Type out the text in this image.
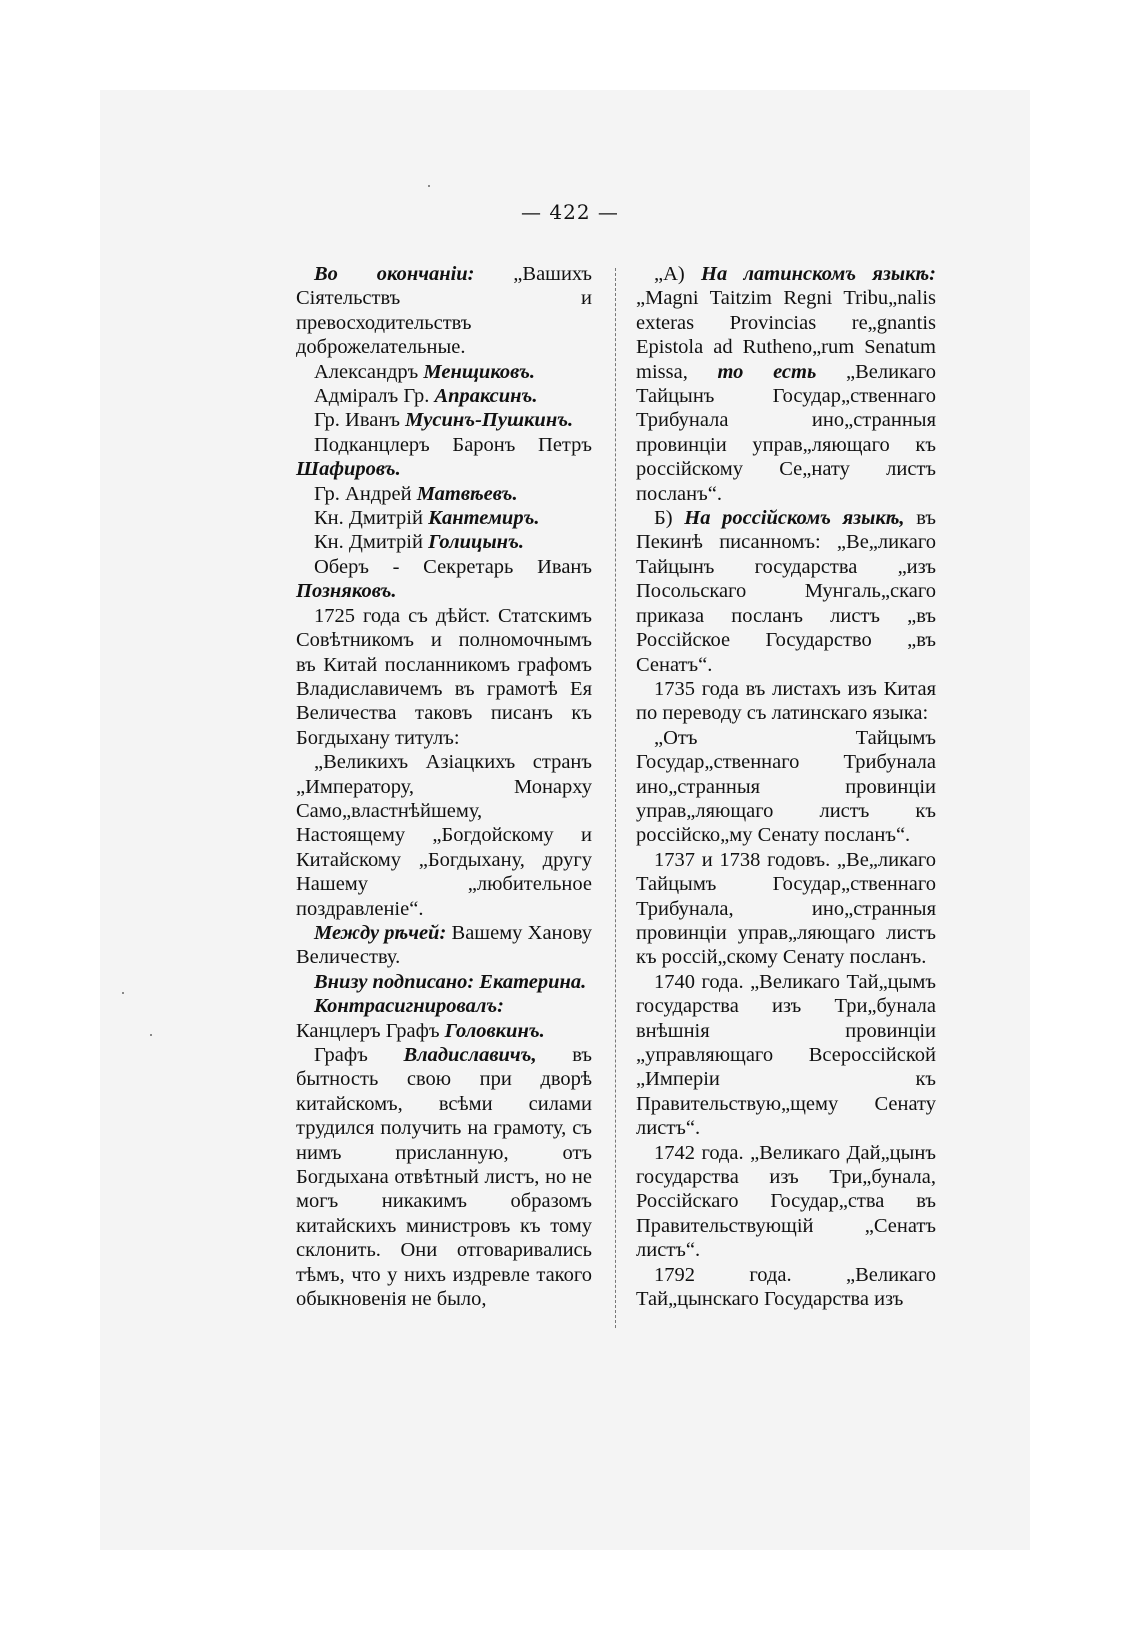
— 422 —

Во окончаніи: „Вашихъ Сіятельствъ и превосходительствъ доброжелательные.

Александръ Менщиковъ.

Адміралъ Гр. Апраксинъ.

Гр. Иванъ Мусинъ-Пушкинъ.

Подканцлеръ Баронъ Петръ Шафировъ.

Гр. Андрей Матвѣевъ.

Кн. Дмитрій Кантемиръ.

Кн. Дмитрій Голицынъ.

Оберъ - Секретарь Иванъ Позняковъ.

1725 года съ дѣйст. Статскимъ Совѣтникомъ и полномочнымъ въ Китай посланникомъ графомъ Владиславичемъ въ грамотѣ Ея Величества таковъ писанъ къ Богдыхану титулъ:

„Великихъ Азіацкихъ странъ „Императору, Монарху Само„властнѣйшему, Настоящему „Богдойскому и Китайскому „Богдыхану, другу Нашему „любительное поздравленіе“.

Между рѣчей: Вашему Ханову Величеству.

Внизу подписано: Екатерина.

Контрасигнировалъ: Канцлеръ Графъ Головкинъ.

Графъ Владиславичъ, въ бытность свою при дворѣ китайскомъ, всѣми силами трудился получить на грамоту, съ нимъ присланную, отъ Богдыхана отвѣтный листъ, но не могъ никакимъ образомъ китайскихъ министровъ къ тому склонить. Они отговаривались тѣмъ, что у нихъ издревле такого обыкновенія не было,

„А) На латинскомъ языкѣ: „Magni Taitzim Regni Tribu„nalis exteras Provincias re„gnantis Epistola ad Rutheno„rum Senatum missa, то есть „Великаго Тайцынъ Государ„ственнаго Трибунала ино„странныя провинціи управ„ляющаго къ россійскому Се„нату листъ посланъ“.

Б) На россійскомъ языкѣ, въ Пекинѣ писанномъ: „Ве„ликаго Тайцынъ государства „изъ Посольскаго Мунгаль„скаго приказа посланъ листъ „въ Россійское Государство „въ Сенатъ“.

1735 года въ листахъ изъ Китая по переводу съ латинскаго языка:

„Отъ Тайцымъ Государ„ственнаго Трибунала ино„странныя провинціи управ„ляющаго листъ къ россійско„му Сенату посланъ“.

1737 и 1738 годовъ. „Ве„ликаго Тайцымъ Государ„ственнаго Трибунала, ино„странныя провинціи управ„ляющаго листъ къ россій„скому Сенату посланъ.

1740 года. „Великаго Тай„цымъ государства изъ Три„бунала внѣшнія провинціи „управляющаго Всероссійской „Имперіи къ Правительствую„щему Сенату листъ“.

1742 года. „Великаго Дай„цынъ государства изъ Три„бунала, Россійскаго Государ„ства въ Правительствующій „Сенатъ листъ“.

1792 года. „Великаго Тай„цынскаго Государства изъ
